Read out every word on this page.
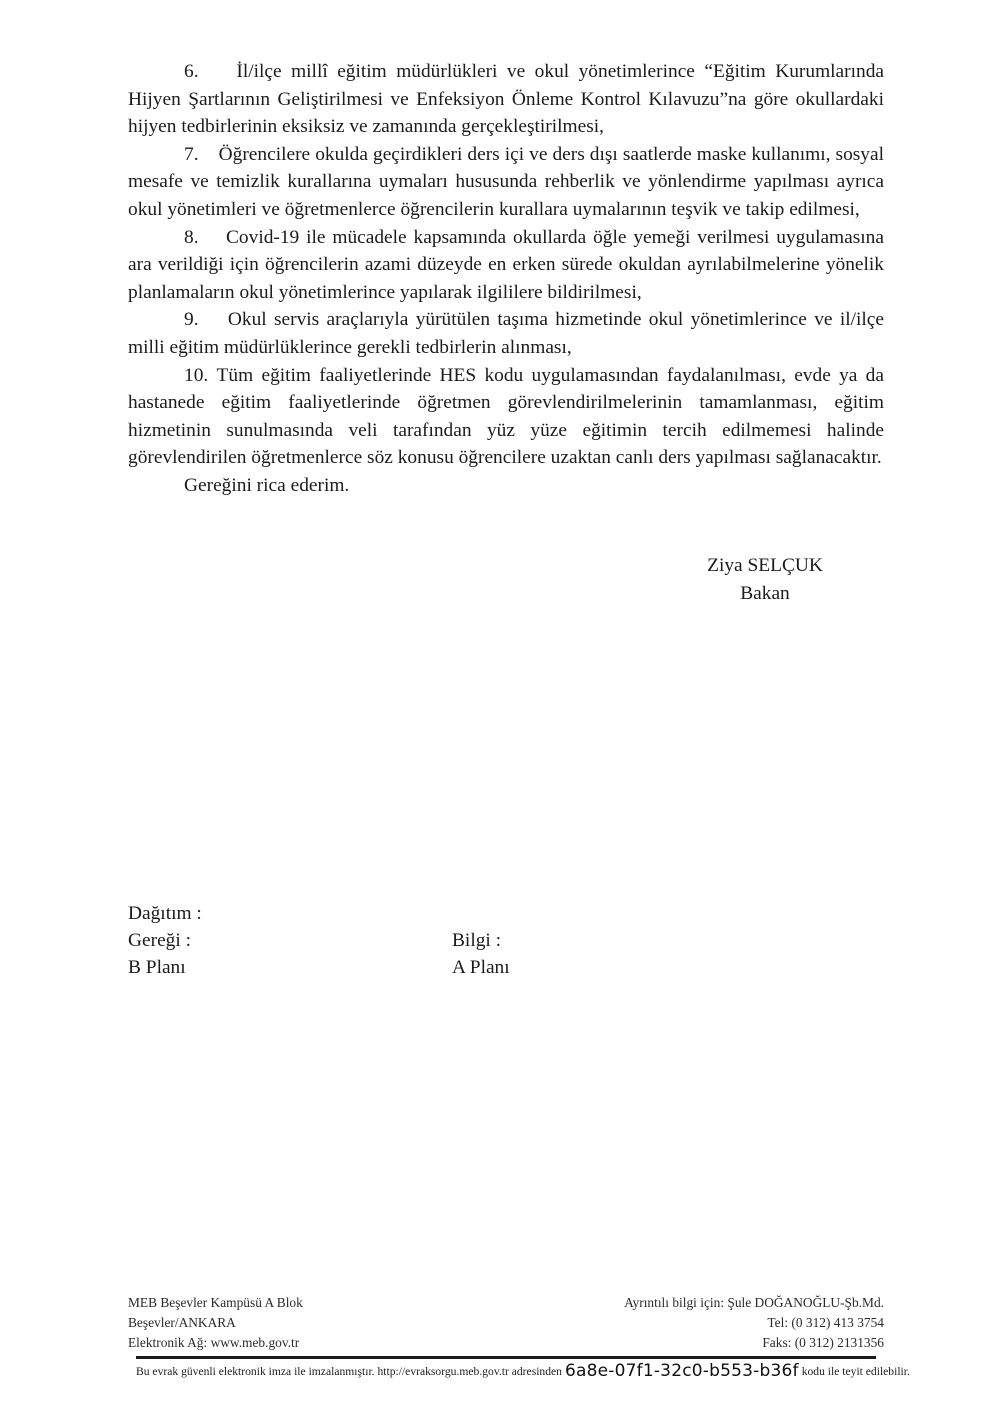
6. İl/ilçe millî eğitim müdürlükleri ve okul yönetimlerince “Eğitim Kurumlarında Hijyen Şartlarının Geliştirilmesi ve Enfeksiyon Önleme Kontrol Kılavuzu”na göre okullardaki hijyen tedbirlerinin eksiksiz ve zamanında gerçekleştirilmesi,

7. Öğrencilere okulda geçirdikleri ders içi ve ders dışı saatlerde maske kullanımı, sosyal mesafe ve temizlik kurallarına uymaları hususunda rehberlik ve yönlendirme yapılması ayrıca okul yönetimleri ve öğretmenlerce öğrencilerin kurallara uymalarının teşvik ve takip edilmesi,

8. Covid-19 ile mücadele kapsamında okullarda öğle yemeği verilmesi uygulamasına ara verildiği için öğrencilerin azami düzeyde en erken sürede okuldan ayrılabilmelerine yönelik planlamaların okul yönetimlerince yapılarak ilgililere bildirilmesi,

9. Okul servis araçlarıyla yürütülen taşıma hizmetinde okul yönetimlerince ve il/ilçe milli eğitim müdürlüklerince gerekli tedbirlerin alınması,

10. Tüm eğitim faaliyetlerinde HES kodu uygulamasından faydalanılması, evde ya da hastanede eğitim faaliyetlerinde öğretmen görevlendirilmelerinin tamamlanması, eğitim hizmetinin sunulmasında veli tarafından yüz yüze eğitimin tercih edilmemesi halinde görevlendirilen öğretmenlerce söz konusu öğrencilere uzaktan canlı ders yapılması sağlanacaktır.

Gereğini rica ederim.

Ziya SELÇUK
Bakan
Dağıtım :
Gereği :	Bilgi :
B Planı	A Planı
MEB Beşevler Kampüsü A Blok
Beşevler/ANKARA
Elektronik Ağ: www.meb.gov.tr
Ayrıntılı bilgi için: Şule DOĞANOĞLU-Şb.Md.
Tel: (0 312) 413 3754
Faks: (0 312) 2131356
Bu evrak güvenli elektronik imza ile imzalanmıştır. http://evraksorgu.meb.gov.tr adresinden 6a8e-07f1-32c0-b553-b36f kodu ile teyit edilebilir.
